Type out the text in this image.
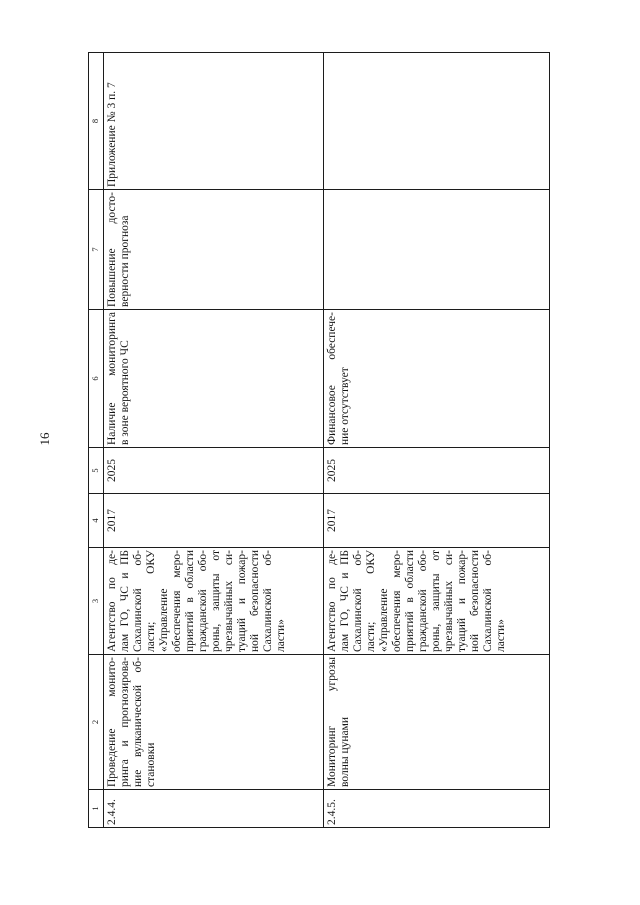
16
1
2
3
4
5
6
7
8
2.4.4.
Проведение монито- ринга и прогнозирова- ние вулканической об- становки
Агентство по де- лам ГО, ЧС и ПБ Сахалинской об- ласти; ОКУ «Управление обеспечения меро- приятий в области гражданской обо- роны, защиты от чрезвычайных си- туаций и пожар- ной безопасности Сахалинской об- ласти»
2017
2025
Наличие мониторинга в зоне вероятного ЧС
Повышение досто- верности прогноза
Приложение № 3 п. 7
2.4.5.
Мониторинг угрозы волны цунами
Агентство по де- лам ГО, ЧС и ПБ Сахалинской об- ласти; ОКУ «Управление обеспечения меро- приятий в области гражданской обо- роны, защиты от чрезвычайных си- туаций и пожар- ной безопасности Сахалинской об- ласти»
2017
2025
Финансовое обеспече- ние отсутствует
